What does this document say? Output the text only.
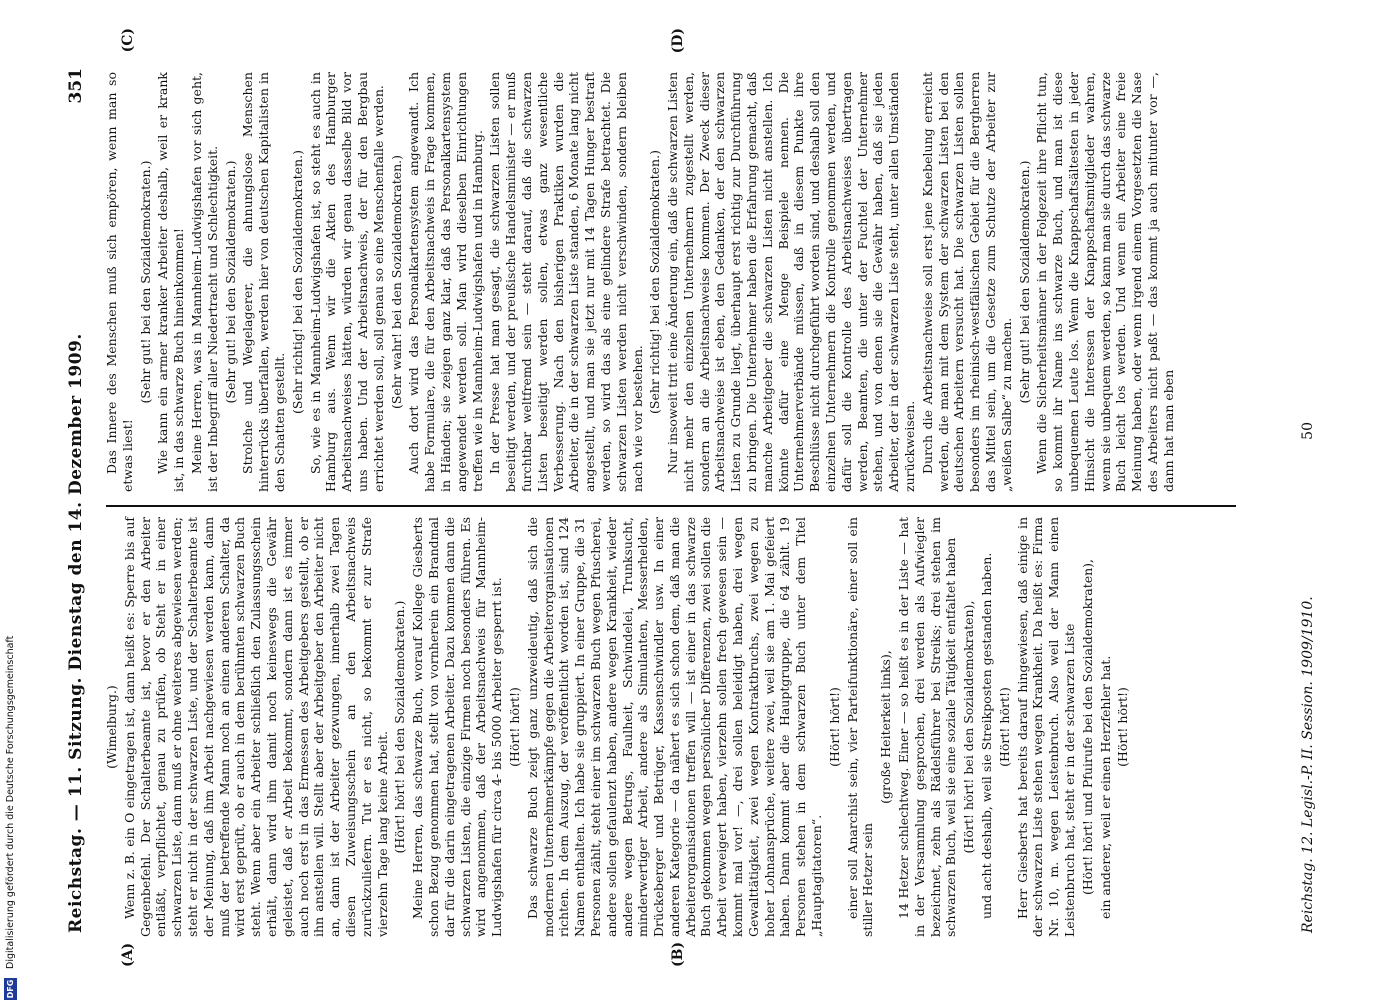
Reichstag. — 11. Sitzung. Dienstag den 14. Dezember 1909.
351
(A)	(B)
(C)	(D)

(Wimelburg.) Wenn z. B. ein O eingetragen ist, dann heißt es: Sperre bis auf Gegenbefehl. Der Schalterbeamte ist, bevor er den Arbeiter entläßt, verpflichtet, genau zu prüfen, ob Steht er in einer schwarzen Liste, dann muß er ohne weiteres abgewiesen werden; steht er nicht in der schwarzen Liste, und der Schalterbeamte ist der Meinung, daß ihm Arbeit nachgewiesen werden kann, dann muß der betreffende Mann noch an einen anderen Schalter, da wird erst geprüft, ob er auch in dem berühmten schwarzen Buch steht. Wenn aber ein Arbeiter schließlich den Zulassungsschein erhält, dann wird ihm damit noch keineswegs die Gewähr geleistet, daß er Arbeit bekommt, sondern dann ist es immer auch noch erst in das Ermessen des Arbeitgebers gestellt, ob er ihn anstellen will. Stellt aber der Arbeitgeber den Arbeiter nicht an, dann ist der Arbeiter gezwungen, innerhalb zwei Tagen diesen Zuweisungsschein an den Arbeitsnachweis zurückzuliefern. Tut er es nicht, so bekommt er zur Strafe vierzehn Tage lang keine Arbeit. (Hört! hört! bei den Sozialdemokraten.) Meine Herren, das schwarze Buch, worauf Kollege Giesberts schon Bezug genommen hat, stellt von vornherein ein Brandmal dar für die darin eingetragenen Arbeiter. Dazu kommen dann die schwarzen Listen, die einzige Firmen noch besonders führen. Es wird angenommen, daß der Arbeitsnachweis für Mannheim-Ludwigshafen für circa 4- bis 5000 Arbeiter gesperrt ist. (Hört! hört!) Das schwarze Buch zeigt ganz unzweideutig, daß sich die modernen Unternehmerkämpfe gegen die Arbeiterorganisationen richten. In dem Auszug, der veröffentlicht worden ist, sind 124 Namen enthalten. Ich habe sie gruppiert. In einer Gruppe, die 31 Personen zählt, steht einer im schwarzen Buch wegen Pfuscherei, andere sollen gefaulenzt haben, andere wegen Krankheit, wieder andere wegen Betrugs, Faulheit, Schwindelei, Trunksucht, minderwertiger Arbeit, andere als Simulanten, Messerhelden, Drückeberger und Betrüger, Kassenschwindler usw. In einer anderen Kategorie — da nähert es sich schon dem, daß man die Arbeiterorganisationen treffen will — ist einer in das schwarze Buch gekommen wegen persönlicher Differenzen, zwei sollen die Arbeit verweigert haben, vierzehn sollen frech gewesen sein — kommt mal vor! —, drei sollen beleidigt haben, drei wegen Gewalttätigkeit, zwei wegen Kontraktbruchs, zwei wegen zu hoher Lohnansprüche, weitere zwei, weil sie am 1. Mai gefeiert haben. Dann kommt aber die Hauptgruppe, die 64 zählt. 19 Personen stehen in dem schwarzen Buch unter dem Titel „Hauptagitatoren“.

(Hört! hört!) einer soll Anarchist sein, vier Parteifunktionäre, einer soll ein stiller Hetzer sein

(große Heiterkeit links), 14 Hetzer schlechtweg. Einer — so heißt es in der Liste — hat in der Versammlung gesprochen, drei werden als Aufwiegler bezeichnet, zehn als Rädelsführer bei Streiks; drei stehen im schwarzen Buch, weil sie eine soziale Tätigkeit entfaltet haben (Hört! hört! bei den Sozialdemokraten), und acht deshalb, weil sie Streikposten gestanden haben. (Hört! hört!) Herr Giesberts hat bereits darauf hingewiesen, daß einige in der schwarzen Liste stehen wegen Krankheit. Da heißt es: Firma Nr. 10, m. wegen Leistenbruch. Also weil der Mann einen Leistenbruch hat, steht er in der schwarzen Liste (Hört! hört! und Pfuirufe bei den Sozialdemokraten), ein anderer, weil er einen Herzfehler hat. (Hört! hört!)

Das Innere des Menschen muß sich empören, wenn man so etwas liest!

(Sehr gut! bei den Sozialdemokraten.) Wie kann ein armer kranker Arbeiter deshalb, weil er krank ist, in das schwarze Buch hineinkommen! Meine Herren, was in Mannheim-Ludwigshafen vor sich geht, ist der Inbegriff aller Niedertracht und Schlechtigkeit. (Sehr gut! bei den Sozialdemokraten.) Strolche und Wegelagerer, die ahnungslose Menschen hinterrücks überfallen, werden hier von deutschen Kapitalisten in den Schatten gestellt.

(Sehr richtig! bei den Sozialdemokraten.) So, wie es in Mannheim-Ludwigshafen ist, so steht es auch in Hamburg aus. Wenn wir die Akten des Hamburger Arbeitsnachweises hätten, würden wir genau dasselbe Bild vor uns haben. Und der Arbeitsnachweis, der für den Bergbau errichtet werden soll, soll genau so eine Menschenfalle werden. (Sehr wahr! bei den Sozialdemokraten.) Auch dort wird das Personalkartensystem angewandt. Ich habe Formulare, die für den Arbeitsnachweis in Frage kommen, in Händen; sie zeigen ganz klar, daß das Personalkartensystem angewendet werden soll. Man wird dieselben Einrichtungen treffen wie in Mannheim-Ludwigshafen und in Hamburg. In der Presse hat man gesagt, die schwarzen Listen sollen beseitigt werden, und der preußische Handelsminister — er muß furchtbar weltfremd sein — steht darauf, daß die schwarzen Listen beseitigt werden sollen, etwas ganz wesentliche Verbesserung. Nach den bisherigen Praktiken wurden die Arbeiter, die in der schwarzen Liste standen, 6 Monate lang nicht angestellt, und man sie jetzt nur mit 14 Tagen Hunger bestraft werden, so wird das als eine gelindere Strafe betrachtet. Die schwarzen Listen werden nicht verschwinden, sondern bleiben nach wie vor bestehen.

(Sehr richtig! bei den Sozialdemokraten.) Nur insoweit tritt eine Änderung ein, daß die schwarzen Listen nicht mehr den einzelnen Unternehmern zugestellt werden, sondern an die Arbeitsnachweise kommen. Der Zweck dieser Arbeitsnachweise ist eben, den Gedanken, der den schwarzen Listen zu Grunde liegt, überhaupt erst richtig zur Durchführung zu bringen. Die Unternehmer haben die Erfahrung gemacht, daß manche Arbeitgeber die schwarzen Listen nicht anstellen. Ich könnte dafür eine Menge Beispiele nennen. Die Unternehmerverbände müssen, daß in diesem Punkte ihre Beschlüsse nicht durchgeführt worden sind, und deshalb soll den einzelnen Unternehmern die Kontrolle genommen werden, und dafür soll die Kontrolle des Arbeitsnachweises übertragen werden, Beamten, die unter der Fuchtel der Unternehmer stehen, und von denen sie die Gewähr haben, daß sie jeden Arbeiter, der in der schwarzen Liste steht, unter allen Umständen zurückweisen. Durch die Arbeitsnachweise soll erst jene Knebelung erreicht werden, die man mit dem System der schwarzen Listen bei den deutschen Arbeitern versucht hat. Die schwarzen Listen sollen besonders im rheinisch-westfälischen Gebiet für die Bergherren das Mittel sein, um die Gesetze zum Schutze der Arbeiter zur „weißen Salbe“ zu machen.

(Sehr gut! bei den Sozialdemokraten.) Wenn die Sicherheitsmänner in der Folgezeit ihre Pflicht tun, so kommt ihr Name ins schwarze Buch, und man ist diese unbequemen Leute los. Wenn die Knappschaftsältesten in jeder Hinsicht die Interessen der Knappschaftsmitglieder wahren, wenn sie unbequem werden, so kann man sie durch das schwarze Buch leicht los werden. Und wenn ein Arbeiter eine freie Meinung haben, oder wenn irgend einem Vorgesetzten die Nase des Arbeiters nicht paßt — das kommt ja auch mitunter vor —, dann hat man eben

Reichstag. 12. Legisl.-P. II. Session. 1909/1910.
50
DFG Digitalisierung gefördert durch die Deutsche Forschungsgemeinschaft
